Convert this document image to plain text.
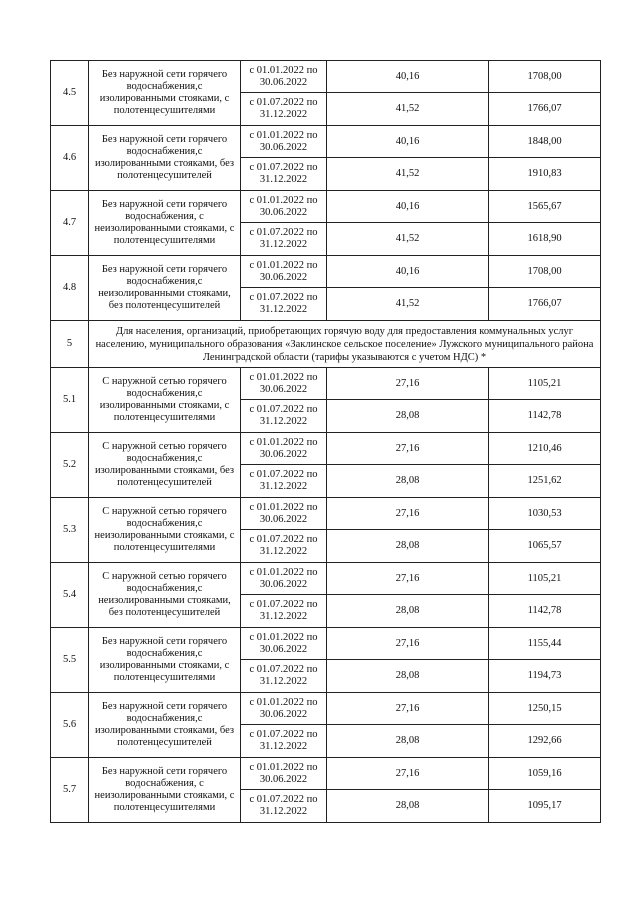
4.5	Без наружной сети горячего водоснабжения,с изолированными стояками, с полотенцесушителями	с 01.01.2022 по 30.06.2022	40,16	1708,00
		с 01.07.2022 по 31.12.2022	41,52	1766,07
4.6	Без наружной сети горячего водоснабжения,с изолированными стояками, без полотенцесушителей	с 01.01.2022 по 30.06.2022	40,16	1848,00
		с 01.07.2022 по 31.12.2022	41,52	1910,83
4.7	Без наружной сети горячего водоснабжения, с неизолированными стояками, с полотенцесушителями	с 01.01.2022 по 30.06.2022	40,16	1565,67
		с 01.07.2022 по 31.12.2022	41,52	1618,90
4.8	Без наружной сети горячего водоснабжения,с неизолированными стояками, без полотенцесушителей	с 01.01.2022 по 30.06.2022	40,16	1708,00
		с 01.07.2022 по 31.12.2022	41,52	1766,07
5	Для населения, организаций, приобретающих горячую воду для предоставления коммунальных услуг населению, муниципального образования «Заклинское сельское поселение» Лужского муниципального района Ленинградской области (тарифы указываются с учетом НДС) *			
5.1	С наружной сетью горячего водоснабжения,с изолированными стояками, с полотенцесушителями	с 01.01.2022 по 30.06.2022	27,16	1105,21
		с 01.07.2022 по 31.12.2022	28,08	1142,78
5.2	С наружной сетью горячего водоснабжения,с изолированными стояками, без полотенцесушителей	с 01.01.2022 по 30.06.2022	27,16	1210,46
		с 01.07.2022 по 31.12.2022	28,08	1251,62
5.3	С наружной сетью горячего водоснабжения,с неизолированными стояками, с полотенцесушителями	с 01.01.2022 по 30.06.2022	27,16	1030,53
		с 01.07.2022 по 31.12.2022	28,08	1065,57
5.4	С наружной сетью горячего водоснабжения,с неизолированными стояками, без полотенцесушителей	с 01.01.2022 по 30.06.2022	27,16	1105,21
		с 01.07.2022 по 31.12.2022	28,08	1142,78
5.5	Без наружной сети горячего водоснабжения,с изолированными стояками, с полотенцесушителями	с 01.01.2022 по 30.06.2022	27,16	1155,44
		с 01.07.2022 по 31.12.2022	28,08	1194,73
5.6	Без наружной сети горячего водоснабжения,с изолированными стояками, без полотенцесушителей	с 01.01.2022 по 30.06.2022	27,16	1250,15
		с 01.07.2022 по 31.12.2022	28,08	1292,66
5.7	Без наружной сети горячего водоснабжения, с неизолированными стояками, с полотенцесушителями	с 01.01.2022 по 30.06.2022	27,16	1059,16
		с 01.07.2022 по 31.12.2022	28,08	1095,17
